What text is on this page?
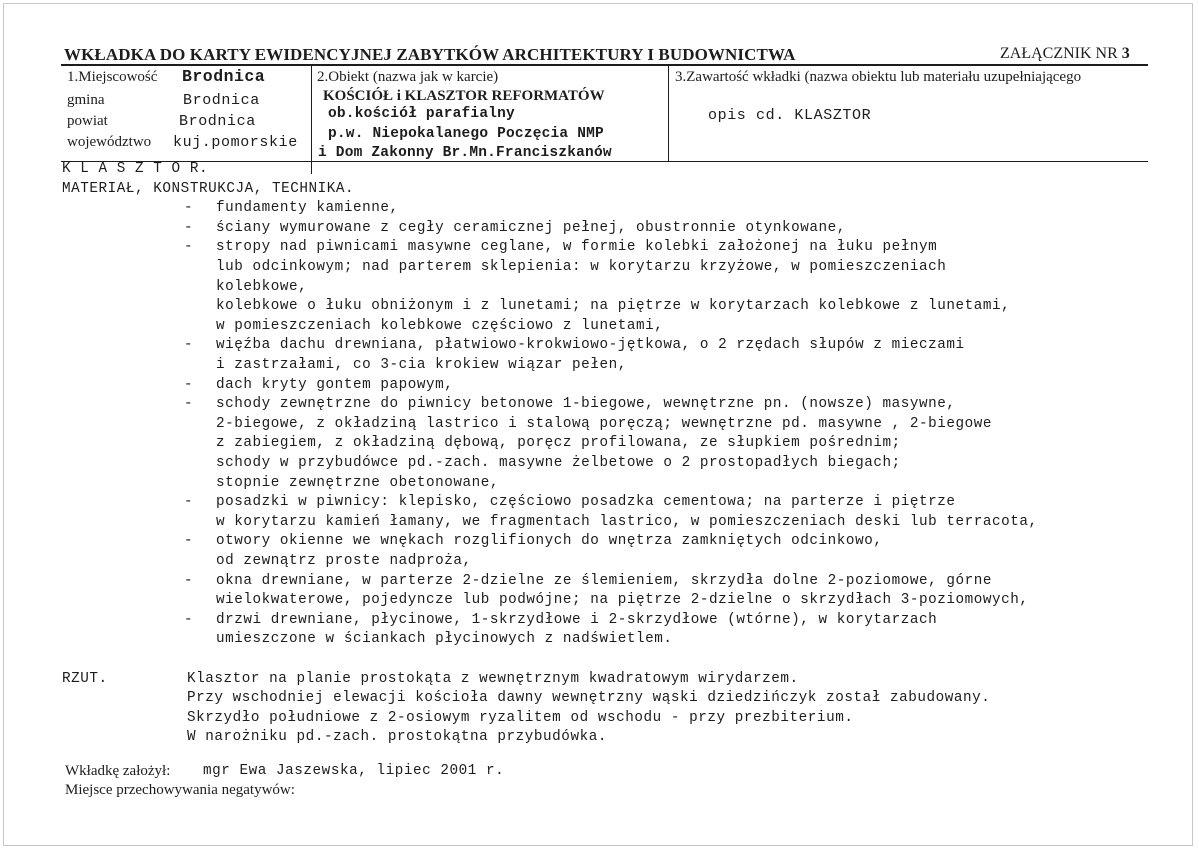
WKŁADKA DO KARTY EWIDENCYJNEJ ZABYTKÓW ARCHITEKTURY I BUDOWNICTWA	ZAŁĄCZNIK NR 3
1.Miejscowość Brodnica
gmina	Brodnica
powiat	Brodnica
województwo kuj.pomorskie
2.Obiekt (nazwa jak w karcie)
KOŚCIÓŁ i KLASZTOR REFORMATÓW
ob.kościół parafialny
p.w. Niepokalanego Poczęcia NMP
i Dom Zakonny Br.Mn.Franciszkanów
3.Zawartość wkładki (nazwa obiektu lub materiału uzupełniającego
opis cd. KLASZTOR
K L A S Z T O R.
MATERIAŁ, KONSTRUKCJA, TECHNIKA.
- fundamenty kamienne,
- ściany wymurowane z cegły ceramicznej pełnej, obustronnie otynkowane,
- stropy nad piwnicami masywne ceglane, w formie kolebki założonej na łuku pełnym
lub odcinkowym; nad parterem sklepienia: w korytarzu krzyżowe, w pomieszczeniach
kolebkowe,
kolebkowe o łuku obniżonym i z lunetami; na piętrze w korytarzach kolebkowe z lunetami,
w pomieszczeniach kolebkowe częściowo z lunetami,
- więźba dachu drewniana, płatwiowo-krokwiowo-jętkowa, o 2 rzędach słupów z mieczami
i zastrzałami, co 3-cia krokiew wiązar pełen,
- dach kryty gontem papowym,
- schody zewnętrzne do piwnicy betonowe 1-biegowe, wewnętrzne pn. (nowsze) masywne,
2-biegowe, z okładziną lastrico i stalową poręczą; wewnętrzne pd. masywne , 2-biegowe
z zabiegiem, z okładziną dębową, poręcz profilowana, ze słupkiem pośrednim;
schody w przybudówce pd.-zach. masywne żelbetowe o 2 prostopadłych biegach;
stopnie zewnętrzne obetonowane,
- posadzki w piwnicy: klepisko, częściowo posadzka cementowa; na parterze i piętrze
w korytarzu kamień łamany, we fragmentach lastrico, w pomieszczeniach deski lub terracota,
- otwory okienne we wnękach rozglifionych do wnętrza zamkniętych odcinkowo,
od zewnątrz proste nadproża,
- okna drewniane, w parterze 2-dzielne ze ślemieniem, skrzydła dolne 2-poziomowe, górne
wielokwaterowe, pojedyncze lub podwójne; na piętrze 2-dzielne o skrzydłach 3-poziomowych,
- drzwi drewniane, płycinowe, 1-skrzydłowe i 2-skrzydłowe (wtórne), w korytarzach
umieszczone w ściankach płycinowych z nadświetlem.
RZUT.	Klasztor na planie prostokąta z wewnętrznym kwadratowym wirydarzem.
Przy wschodniej elewacji kościoła dawny wewnętrzny wąski dziedzińczyk został zabudowany.
Skrzydło południowe z 2-osiowym ryzalitem od wschodu - przy prezbiterium.
W narożniku pd.-zach. prostokątna przybudówka.
Wkładkę założył: mgr Ewa Jaszewska, lipiec 2001 r.
Miejsce przechowywania negatywów:
